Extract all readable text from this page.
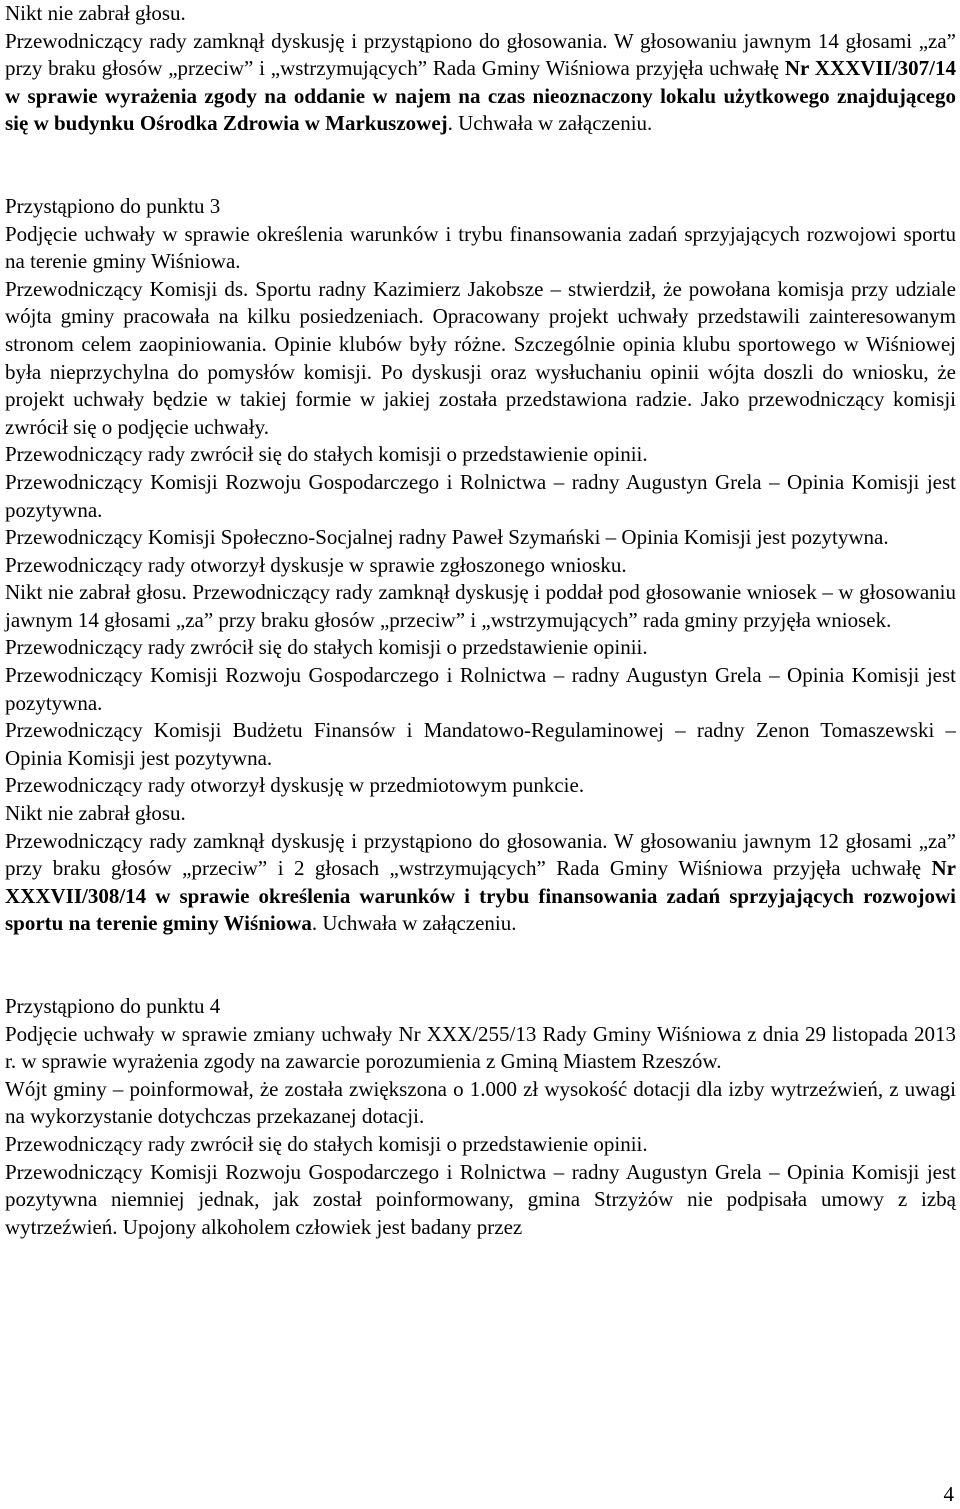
Nikt nie zabrał głosu.

Przewodniczący rady zamknął dyskusję i przystąpiono do głosowania. W głosowaniu jawnym 14 głosami „za” przy braku głosów „przeciw” i „wstrzymujących” Rada Gminy Wiśniowa przyjęła uchwałę Nr XXXVII/307/14 w sprawie wyrażenia zgody na oddanie w najem na czas nieoznaczony lokalu użytkowego znajdującego się w budynku Ośrodka Zdrowia w Markuszowej. Uchwała w załączeniu.

Przystąpiono do punktu 3

Podjęcie uchwały w sprawie określenia warunków i trybu finansowania zadań sprzyjających rozwojowi sportu na terenie gminy Wiśniowa.

Przewodniczący Komisji ds. Sportu radny Kazimierz Jakobsze – stwierdził, że powołana komisja przy udziale wójta gminy pracowała na kilku posiedzeniach. Opracowany projekt uchwały przedstawili zainteresowanym stronom celem zaopiniowania. Opinie klubów były różne. Szczególnie opinia klubu sportowego w Wiśniowej była nieprzychylna do pomysłów komisji. Po dyskusji oraz wysłuchaniu opinii wójta doszli do wniosku, że projekt uchwały będzie w takiej formie w jakiej została przedstawiona radzie. Jako przewodniczący komisji zwrócił się o podjęcie uchwały.

Przewodniczący rady zwrócił się do stałych komisji o przedstawienie opinii.

Przewodniczący Komisji Rozwoju Gospodarczego i Rolnictwa – radny Augustyn Grela – Opinia Komisji jest pozytywna.

Przewodniczący Komisji Społeczno-Socjalnej radny Paweł Szymański – Opinia Komisji jest pozytywna.

Przewodniczący rady otworzył dyskusje w sprawie zgłoszonego wniosku.

Nikt nie zabrał głosu. Przewodniczący rady zamknął dyskusję i poddał pod głosowanie wniosek – w głosowaniu jawnym 14 głosami „za” przy braku głosów „przeciw” i „wstrzymujących” rada gminy przyjęła wniosek.

Przewodniczący rady zwrócił się do stałych komisji o przedstawienie opinii.

Przewodniczący Komisji Rozwoju Gospodarczego i Rolnictwa – radny Augustyn Grela – Opinia Komisji jest pozytywna.

Przewodniczący Komisji Budżetu Finansów i Mandatowo-Regulaminowej – radny Zenon Tomaszewski – Opinia Komisji jest pozytywna.

Przewodniczący rady otworzył dyskusję w przedmiotowym punkcie.

Nikt nie zabrał głosu.

Przewodniczący rady zamknął dyskusję i przystąpiono do głosowania. W głosowaniu jawnym 12 głosami „za” przy braku głosów „przeciw” i 2 głosach „wstrzymujących” Rada Gminy Wiśniowa przyjęła uchwałę Nr XXXVII/308/14 w sprawie określenia warunków i trybu finansowania zadań sprzyjających rozwojowi sportu na terenie gminy Wiśniowa. Uchwała w załączeniu.

Przystąpiono do punktu 4

Podjęcie uchwały w sprawie zmiany uchwały Nr XXX/255/13 Rady Gminy Wiśniowa z dnia 29 listopada 2013 r. w sprawie wyrażenia zgody na zawarcie porozumienia z Gminą Miastem Rzeszów.

Wójt gminy – poinformował, że została zwiększona o 1.000 zł wysokość dotacji dla izby wytrzeźwień, z uwagi na wykorzystanie dotychczas przekazanej dotacji.

Przewodniczący rady zwrócił się do stałych komisji o przedstawienie opinii.

Przewodniczący Komisji Rozwoju Gospodarczego i Rolnictwa – radny Augustyn Grela – Opinia Komisji jest pozytywna niemniej jednak, jak został poinformowany, gmina Strzyżów nie podpisała umowy z izbą wytrzeźwień. Upojony alkoholem człowiek jest badany przez

4
